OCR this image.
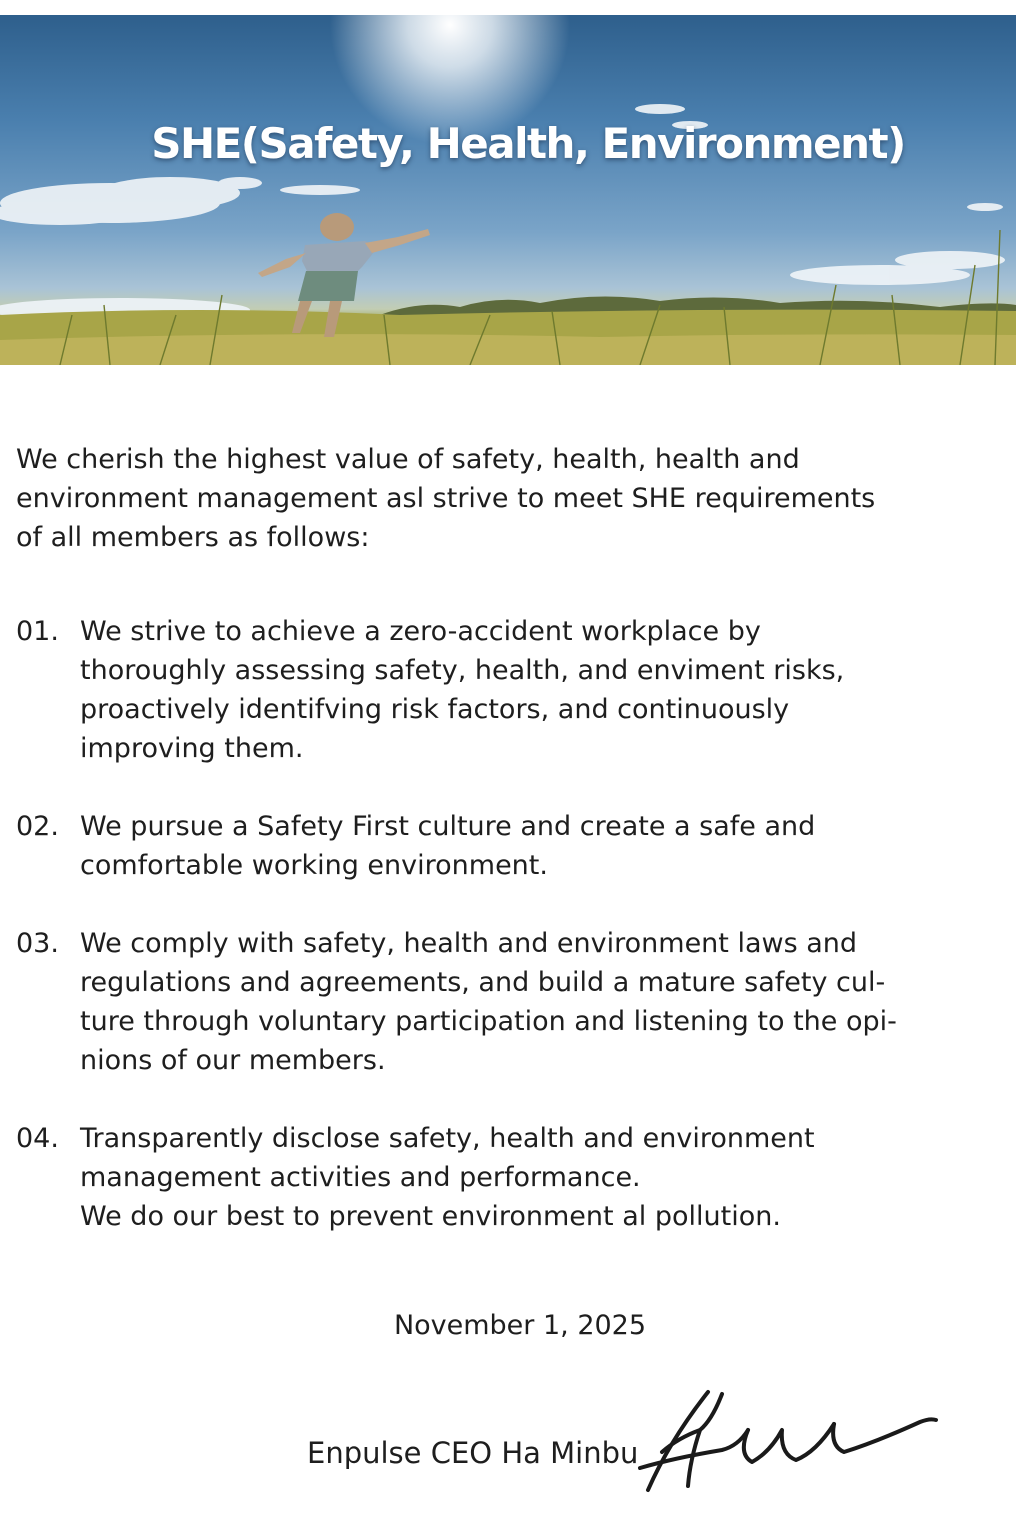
SHE(Safety, Health, Environment)

We cherish the highest value of safety, health, health and
environment management asl strive to meet SHE requirements
of all members as follows:

01. We strive to achieve a zero-accident workplace by
thoroughly assessing safety, health, and enviment risks,
proactively identifving risk factors, and continuously
improving them.
02. We pursue a Safety First culture and create a safe and
comfortable working environment.
03. We comply with safety, health and environment laws and
regulations and agreements, and build a mature safety cul-
ture through voluntary participation and listening to the opi-
nions of our members.
04. Transparently disclose safety, health and environment
management activities and performance.
We do our best to prevent environment al pollution.
November 1, 2025
Enpulse CEO Ha Minbu
